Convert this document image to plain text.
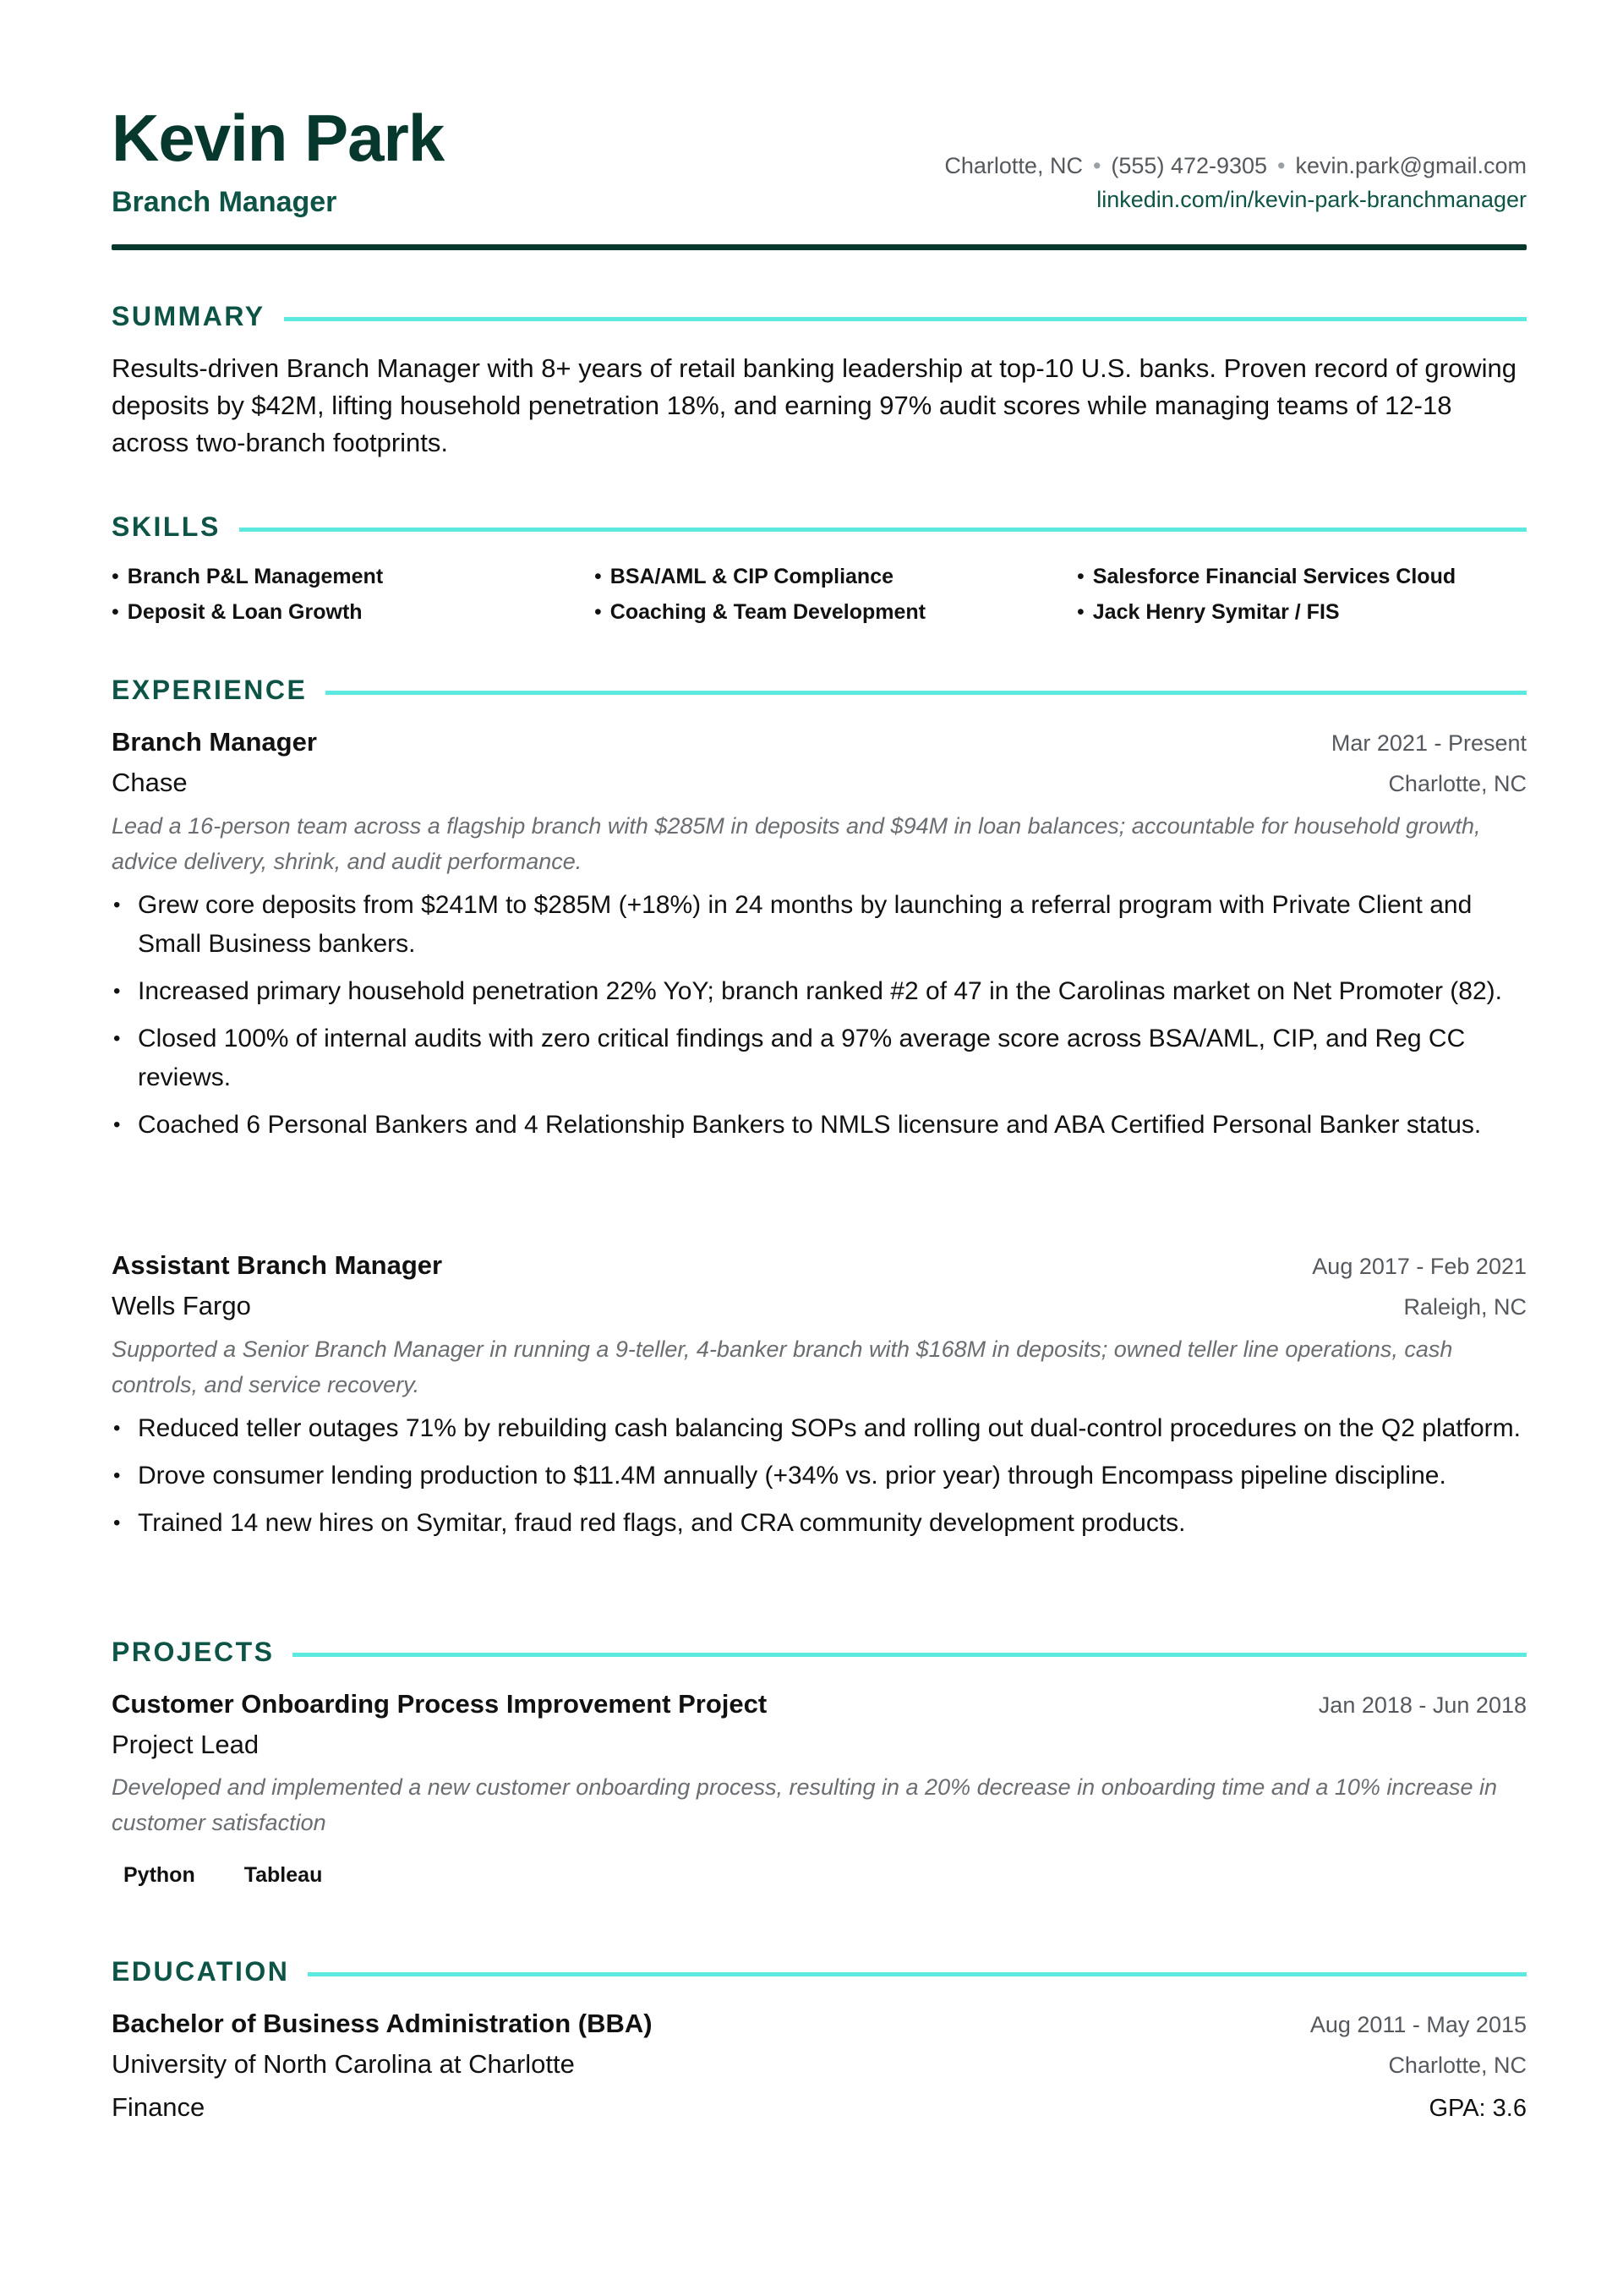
Kevin Park
Branch Manager
Charlotte, NC • (555) 472-9305 • kevin.park@gmail.com
linkedin.com/in/kevin-park-branchmanager
SUMMARY
Results-driven Branch Manager with 8+ years of retail banking leadership at top-10 U.S. banks. Proven record of growing deposits by $42M, lifting household penetration 18%, and earning 97% audit scores while managing teams of 12-18 across two-branch footprints.
SKILLS
• Branch P&L Management	• BSA/AML & CIP Compliance	• Salesforce Financial Services Cloud
• Deposit & Loan Growth	• Coaching & Team Development	• Jack Henry Symitar / FIS
EXPERIENCE
Branch Manager	Mar 2021 - Present
Chase	Charlotte, NC
Lead a 16-person team across a flagship branch with $285M in deposits and $94M in loan balances; accountable for household growth, advice delivery, shrink, and audit performance.
• Grew core deposits from $241M to $285M (+18%) in 24 months by launching a referral program with Private Client and Small Business bankers.
• Increased primary household penetration 22% YoY; branch ranked #2 of 47 in the Carolinas market on Net Promoter (82).
• Closed 100% of internal audits with zero critical findings and a 97% average score across BSA/AML, CIP, and Reg CC reviews.
• Coached 6 Personal Bankers and 4 Relationship Bankers to NMLS licensure and ABA Certified Personal Banker status.
Assistant Branch Manager	Aug 2017 - Feb 2021
Wells Fargo	Raleigh, NC
Supported a Senior Branch Manager in running a 9-teller, 4-banker branch with $168M in deposits; owned teller line operations, cash controls, and service recovery.
• Reduced teller outages 71% by rebuilding cash balancing SOPs and rolling out dual-control procedures on the Q2 platform.
• Drove consumer lending production to $11.4M annually (+34% vs. prior year) through Encompass pipeline discipline.
• Trained 14 new hires on Symitar, fraud red flags, and CRA community development products.
PROJECTS
Customer Onboarding Process Improvement Project	Jan 2018 - Jun 2018
Project Lead
Developed and implemented a new customer onboarding process, resulting in a 20% decrease in onboarding time and a 10% increase in customer satisfaction
Python	Tableau
EDUCATION
Bachelor of Business Administration (BBA)	Aug 2011 - May 2015
University of North Carolina at Charlotte	Charlotte, NC
Finance	GPA: 3.6
